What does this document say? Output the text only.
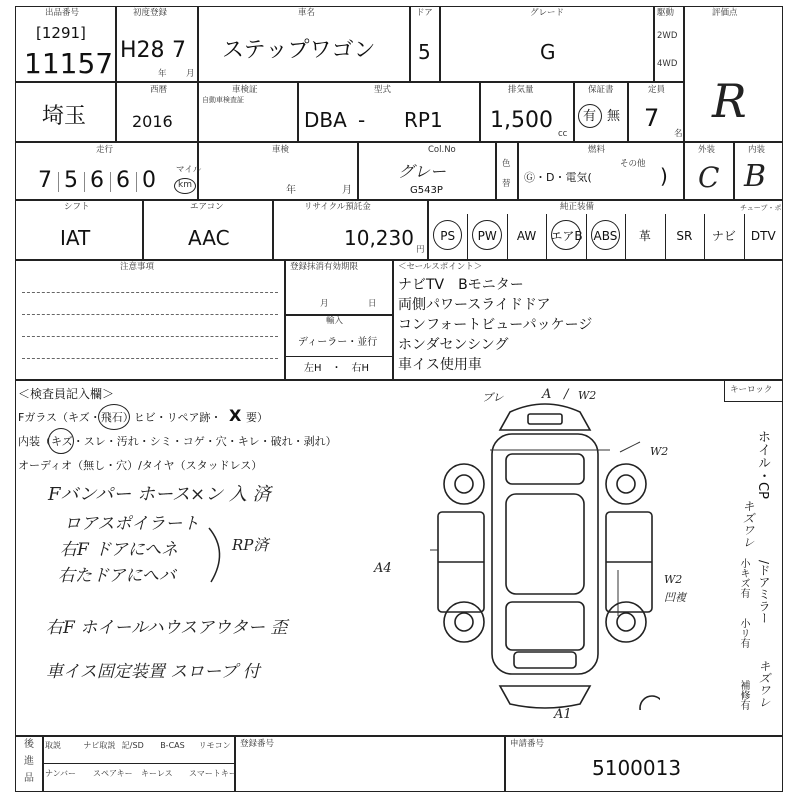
出品番号
[1291]
11157
初度登録
H28 7
年 月
車名
ステップワゴン
ドア
5
グレード
G
駆動
2WD
4WD
評価点
R
埼玉
西暦
2016
車検証
自動車検査証
型式
DBA - RP1
排気量
1,500
cc
保証書
有 無
定員
7
名
走行
7 5 6 6 0 マイル
km
車検
年	月
Col.No
グレー
G543P
色
替
燃料
Ⓖ・D・電気(
その他 )
外装
C
内装
B
シフト
IAT
エアコン
AAC
リサイクル預託金
10,230 円
純正装備	チューブ・ポ
PS	PW	AW	エアB ABS	革	SR	ナビ	DTV
注意事項	登録抹消有効期限
月	日
輸入
ディーラー・並行
左H　・　右H
＜セールスポイント＞
ナビTV　Bモニター
両側パワースライドドア
コンフォートビューパッケージ
ホンダセンシング
車イス使用車
キーロック
＜検査員記入欄＞
Fガラス（キズ・飛石）ヒビ・リペア跡・ X 要）
内装（キズ・スレ・汚れ・シミ・コゲ・穴・キレ・破れ・剥れ）
オーディオ（無し・穴）/タイヤ（スタッドレス）
Fバンパー ホース×ン 入 済
ロアスポイラート
右F ドアにへネ
右たドアにへバ
RP済
右F ホイールハウスアウター 歪
車イス固定装置 スロープ 付
ブレ	A / W2
W2
A4
W2
凹複
A1
ホイル・CP
小キズ有
小リ有
補修有
/ドアミラー
キズワレ
キズワレ
後
進
品
取説	ナビ取説 記/SD B-CAS リモコン
ナンバー スペアキー キーレス スマートキー
登録番号	申請番号
5100013
